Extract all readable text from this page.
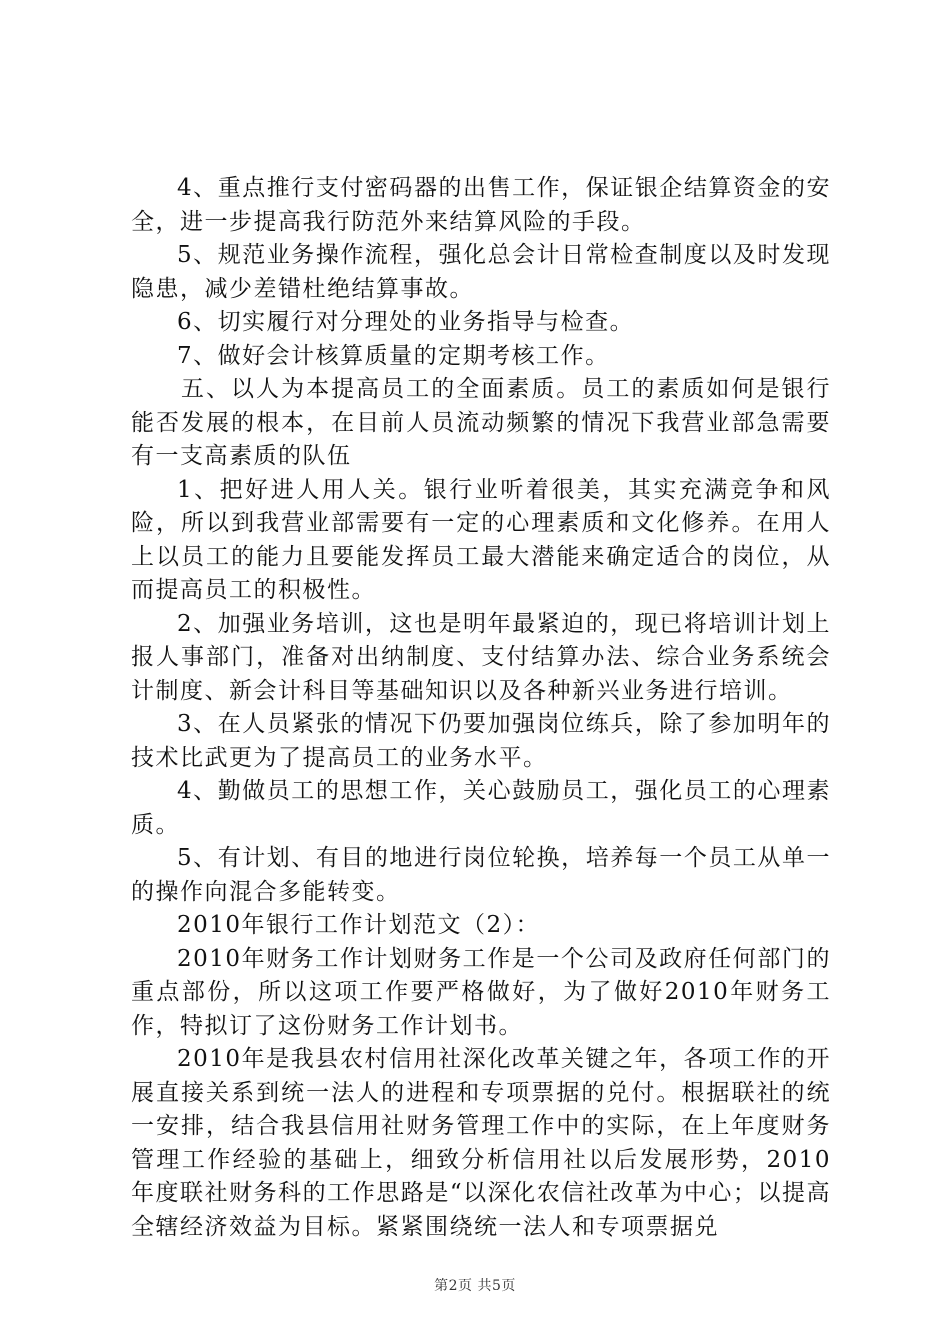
4、重点推行支付密码器的出售工作，保证银企结算资金的安全，进一步提高我行防范外来结算风险的手段。

5、规范业务操作流程，强化总会计日常检查制度以及时发现隐患，减少差错杜绝结算事故。

6、切实履行对分理处的业务指导与检查。

7、做好会计核算质量的定期考核工作。

五、以人为本提高员工的全面素质。员工的素质如何是银行能否发展的根本，在目前人员流动频繁的情况下我营业部急需要有一支高素质的队伍

1、把好进人用人关。银行业听着很美，其实充满竞争和风险，所以到我营业部需要有一定的心理素质和文化修养。在用人上以员工的能力且要能发挥员工最大潜能来确定适合的岗位，从而提高员工的积极性。

2、加强业务培训，这也是明年最紧迫的，现已将培训计划上报人事部门，准备对出纳制度、支付结算办法、综合业务系统会计制度、新会计科目等基础知识以及各种新兴业务进行培训。

3、在人员紧张的情况下仍要加强岗位练兵，除了参加明年的技术比武更为了提高员工的业务水平。

4、勤做员工的思想工作，关心鼓励员工，强化员工的心理素质。

5、有计划、有目的地进行岗位轮换，培养每一个员工从单一的操作向混合多能转变。

2010年银行工作计划范文（2）：

2010年财务工作计划财务工作是一个公司及政府任何部门的重点部份，所以这项工作要严格做好，为了做好2010年财务工作，特拟订了这份财务工作计划书。

2010年是我县农村信用社深化改革关键之年，各项工作的开展直接关系到统一法人的进程和专项票据的兑付。根据联社的统一安排，结合我县信用社财务管理工作中的实际，在上年度财务管理工作经验的基础上，细致分析信用社以后发展形势，2010年度联社财务科的工作思路是“以深化农信社改革为中心；以提高全辖经济效益为目标。紧紧围绕统一法人和专项票据兑

第2页 共5页
